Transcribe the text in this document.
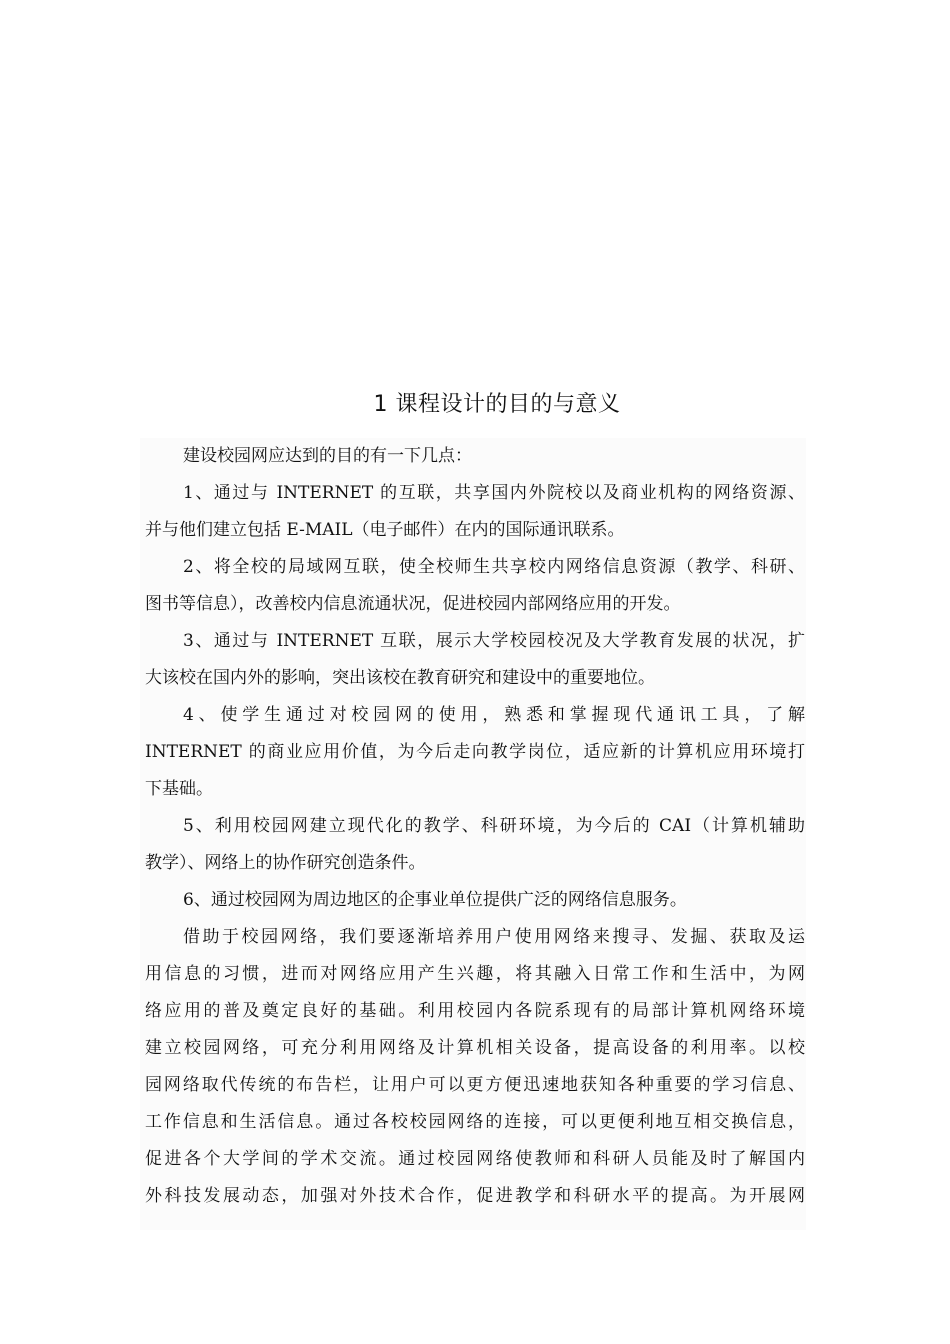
1 课程设计的目的与意义
建设校园网应达到的目的有一下几点：
1、通过与 INTERNET 的互联，共享国内外院校以及商业机构的网络资源、
并与他们建立包括 E-MAIL（电子邮件）在内的国际通讯联系。
2、将全校的局域网互联，使全校师生共享校内网络信息资源（教学、科研、
图书等信息），改善校内信息流通状况，促进校园内部网络应用的开发。
3、通过与 INTERNET 互联，展示大学校园校况及大学教育发展的状况，扩
大该校在国内外的影响，突出该校在教育研究和建设中的重要地位。
4、使学生通过对校园网的使用，熟悉和掌握现代通讯工具，了解
INTERNET 的商业应用价值，为今后走向教学岗位，适应新的计算机应用环境打
下基础。
5、利用校园网建立现代化的教学、科研环境，为今后的 CAI（计算机辅助
教学）、网络上的协作研究创造条件。
6、通过校园网为周边地区的企事业单位提供广泛的网络信息服务。
借助于校园网络，我们要逐渐培养用户使用网络来搜寻、发掘、获取及运
用信息的习惯，进而对网络应用产生兴趣，将其融入日常工作和生活中，为网
络应用的普及奠定良好的基础。利用校园内各院系现有的局部计算机网络环境
建立校园网络，可充分利用网络及计算机相关设备，提高设备的利用率。以校
园网络取代传统的布告栏，让用户可以更方便迅速地获知各种重要的学习信息、
工作信息和生活信息。通过各校校园网络的连接，可以更便利地互相交换信息，
促进各个大学间的学术交流。通过校园网络使教师和科研人员能及时了解国内
外科技发展动态，加强对外技术合作，促进教学和科研水平的提高。为开展网
